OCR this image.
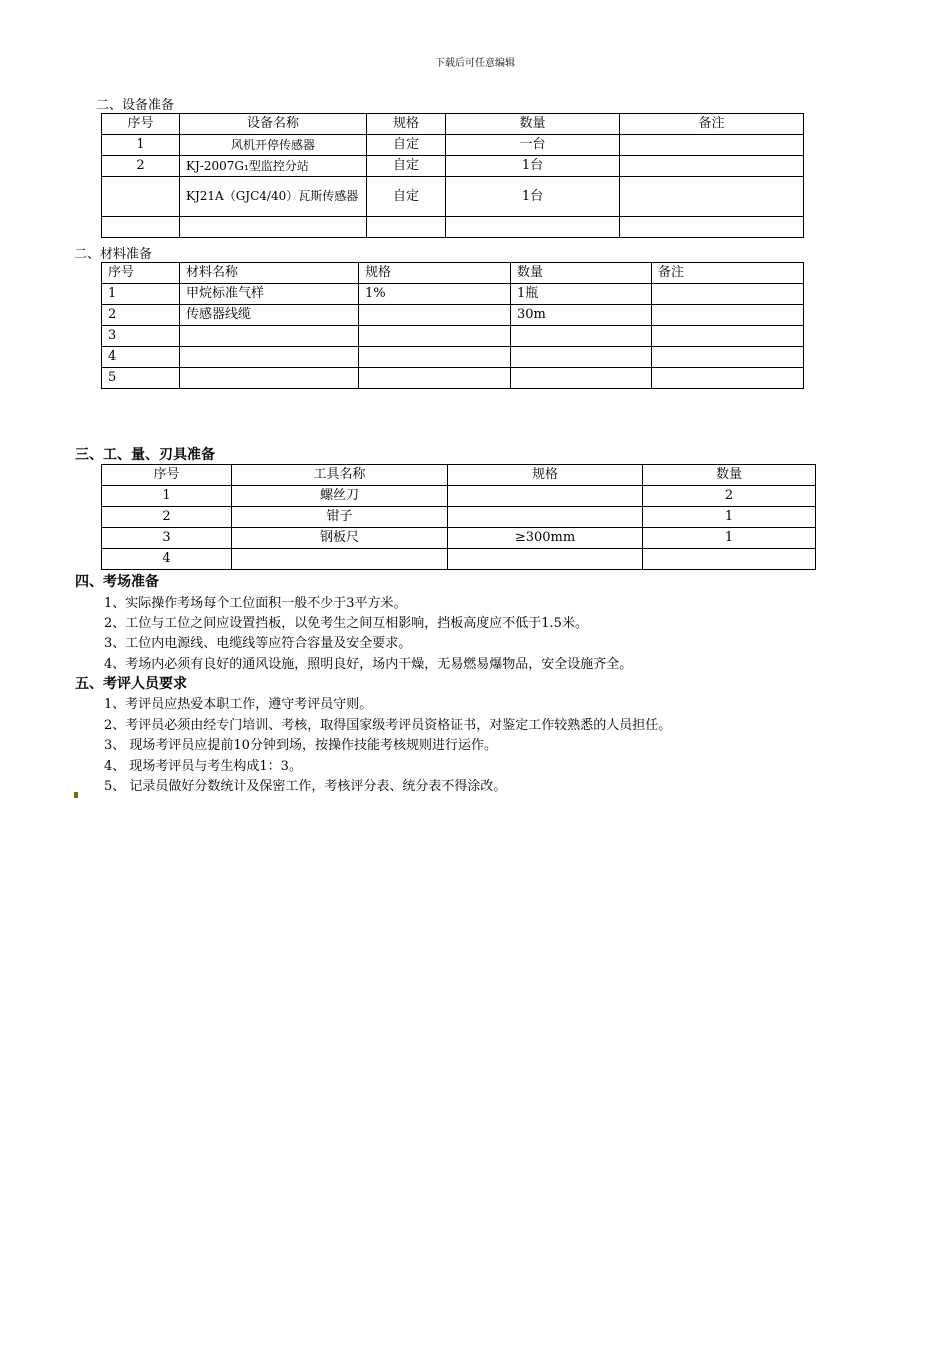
下载后可任意编辑
二、设备准备
序号	设备名称	规格	数量	备注
1	风机开停传感器	自定	一台	
2	KJ-2007G₁型监控分站	自定	1台	
	KJ21A（GJC4/40）瓦斯传感器	自定	1台	

二、材料准备
序号	材料名称	规格	数量	备注
1	甲烷标准气样	1%	1瓶	
2	传感器线缆		30m	
3				
4				
5				
三、工、量、刃具准备
序号	工具名称	规格	数量
1	螺丝刀		2
2	钳子		1
3	钢板尺	≥300mm	1
4			
四、考场准备
1、实际操作考场每个工位面积一般不少于3平方米。
2、工位与工位之间应设置挡板，以免考生之间互相影响，挡板高度应不低于1.5米。
3、工位内电源线、电缆线等应符合容量及安全要求。
4、考场内必须有良好的通风设施，照明良好，场内干燥，无易燃易爆物品，安全设施齐全。
五、考评人员要求
1、考评员应热爱本职工作，遵守考评员守则。
2、考评员必须由经专门培训、考核，取得国家级考评员资格证书，对鉴定工作较熟悉的人员担任。
3、 现场考评员应提前10分钟到场，按操作技能考核规则进行运作。
4、 现场考评员与考生构成1：3。
5、 记录员做好分数统计及保密工作，考核评分表、统分表不得涂改。
